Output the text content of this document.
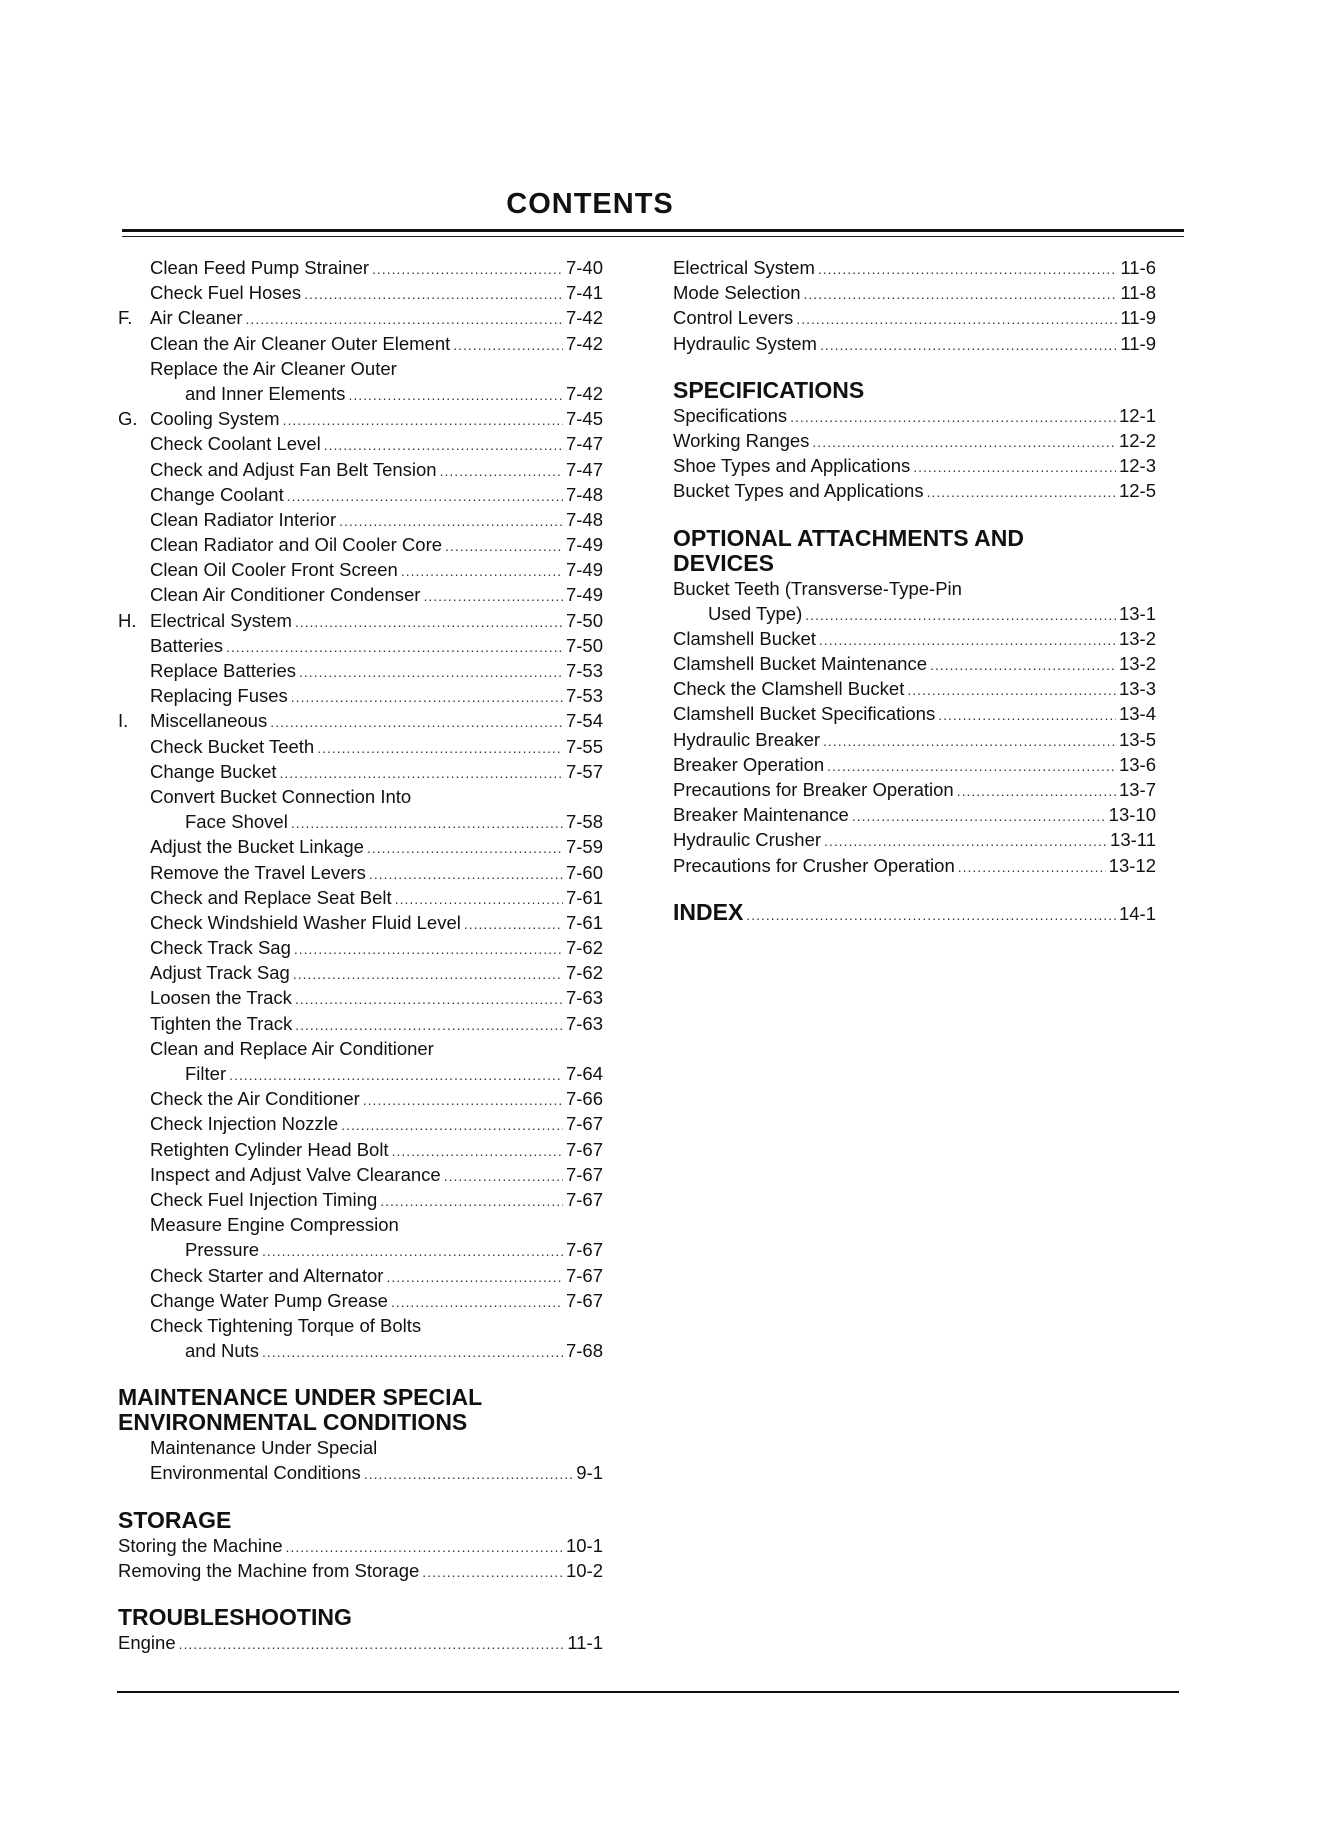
CONTENTS
Clean Feed Pump Strainer .....	7-40
Check Fuel Hoses .....	7-41
F. Air Cleaner .....	7-42
Clean the Air Cleaner Outer Element .....	7-42
Replace the Air Cleaner Outer
and Inner Elements .....	7-42
G. Cooling System .....	7-45
Check Coolant Level .....	7-47
Check and Adjust Fan Belt Tension .....	7-47
Change Coolant .....	7-48
Clean Radiator Interior .....	7-48
Clean Radiator and Oil Cooler Core .....	7-49
Clean Oil Cooler Front Screen .....	7-49
Clean Air Conditioner Condenser .....	7-49
H. Electrical System .....	7-50
Batteries .....	7-50
Replace Batteries .....	7-53
Replacing Fuses .....	7-53
I.	Miscellaneous .....	7-54
Check Bucket Teeth .....	7-55
Change Bucket .....	7-57
Convert Bucket Connection Into
Face Shovel .....	7-58
Adjust the Bucket Linkage .....	7-59
Remove the Travel Levers .....	7-60
Check and Replace Seat Belt .....	7-61
Check Windshield Washer Fluid Level .....	7-61
Check Track Sag .....	7-62
Adjust Track Sag .....	7-62
Loosen the Track .....	7-63
Tighten the Track .....	7-63
Clean and Replace Air Conditioner
Filter .....	7-64
Check the Air Conditioner .....	7-66
Check Injection Nozzle .....	7-67
Retighten Cylinder Head Bolt .....	7-67
Inspect and Adjust Valve Clearance .....	7-67
Check Fuel Injection Timing .....	7-67
Measure Engine Compression
Pressure .....	7-67
Check Starter and Alternator .....	7-67
Change Water Pump Grease .....	7-67
Check Tightening Torque of Bolts
and Nuts .....	7-68
MAINTENANCE UNDER SPECIAL
ENVIRONMENTAL CONDITIONS
Maintenance Under Special
Environmental Conditions .....	9-1
STORAGE
Storing the Machine .....	10-1
Removing the Machine from Storage .....	10-2
TROUBLESHOOTING
Engine .....	11-1
Electrical System .....	11-6
Mode Selection .....	11-8
Control Levers .....	11-9
Hydraulic System .....	11-9
SPECIFICATIONS
Specifications .....	12-1
Working Ranges .....	12-2
Shoe Types and Applications .....	12-3
Bucket Types and Applications .....	12-5
OPTIONAL ATTACHMENTS AND
DEVICES
Bucket Teeth (Transverse-Type-Pin
Used Type) .....	13-1
Clamshell Bucket .....	13-2
Clamshell Bucket Maintenance .....	13-2
Check the Clamshell Bucket .....	13-3
Clamshell Bucket Specifications .....	13-4
Hydraulic Breaker .....	13-5
Breaker Operation .....	13-6
Precautions for Breaker Operation .....	13-7
Breaker Maintenance .....	13-10
Hydraulic Crusher .....	13-11
Precautions for Crusher Operation .....	13-12
INDEX .....	14-1
